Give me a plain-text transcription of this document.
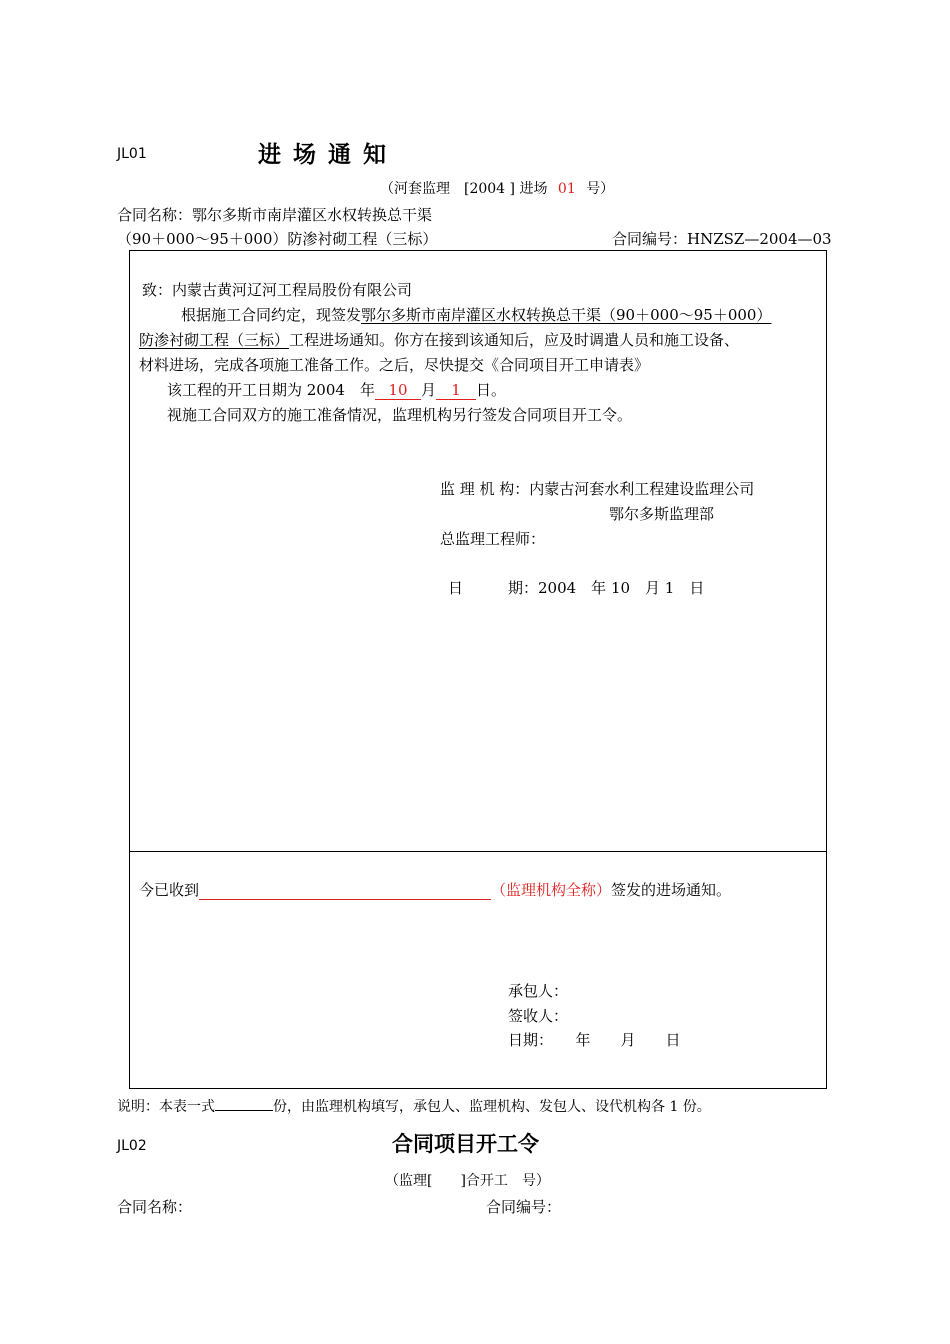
JL01	进 场 通 知
（河套监理　[2004 ] 进场 01 号）
合同名称：鄂尔多斯市南岸灌区水权转换总干渠
（90＋000～95＋000）防渗衬砌工程（三标）	合同编号：HNZSZ—2004—03
致：内蒙古黄河辽河工程局股份有限公司
根据施工合同约定，现签发鄂尔多斯市南岸灌区水权转换总干渠（90＋000～95＋000）
防渗衬砌工程（三标）工程进场通知。你方在接到该通知后，应及时调遣人员和施工设备、
材料进场，完成各项施工准备工作。之后，尽快提交《合同项目开工申请表》
该工程的开工日期为 2004　年 10 月 1 日。
视施工合同双方的施工准备情况，监理机构另行签发合同项目开工令。
监 理 机 构：内蒙古河套水利工程建设监理公司
鄂尔多斯监理部
总监理工程师：
日　　　期：2004　年 10　月 1　日
今已收到	（监理机构全称）签发的进场通知。
承包人：
签收人：
日期：　　年　　月　　日
说明：本表一式	份，由监理机构填写，承包人、监理机构、发包人、设代机构各 1 份。
JL02	合同项目开工令
（监理[　　]合开工　号）
合同名称：	合同编号：
